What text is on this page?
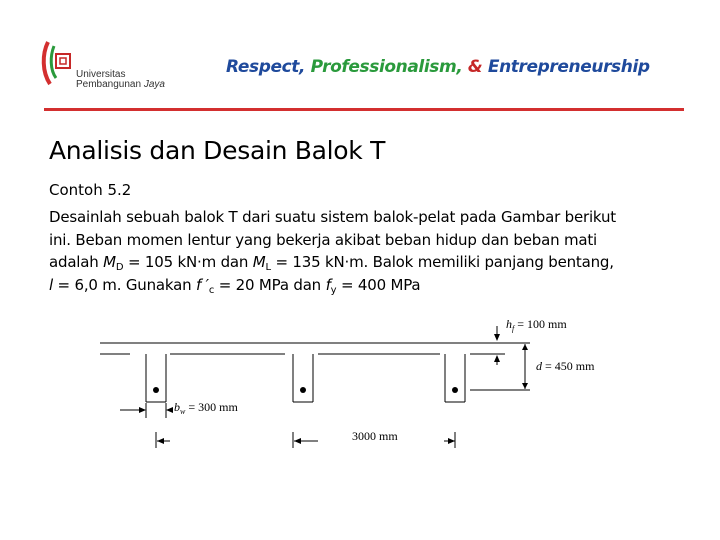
Universitas
Pembangunan Jaya
Respect, Professionalism, & Entrepreneurship
Analisis dan Desain Balok T
Contoh 5.2
Desainlah sebuah balok T dari suatu sistem balok-pelat pada Gambar berikut
ini. Beban momen lentur yang bekerja akibat beban hidup dan beban mati
adalah $M_D = 105$ kN·m dan $M_L = 135$ kN·m. Balok memiliki panjang bentang,
l = 6,0 m. Gunakan f $'_c = 20$ MPa dan $f_y = 400$ MPa
$h_f = 100$ mm
d = 450 mm
$b_w = 300$ mm
3000 mm
